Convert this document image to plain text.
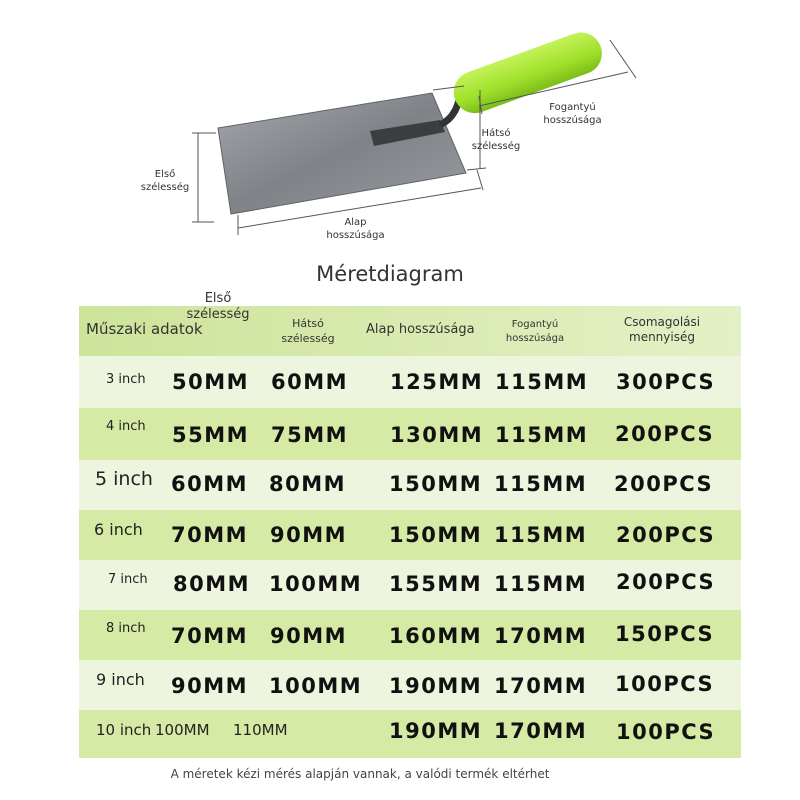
Első
szélesség
Hátsó
szélesség
Fogantyú
hosszúsága
Alap
hosszúsága
Méretdiagram
Műszaki adatok
Első
szélesség
Hátsó
szélesség
Alap hosszúsága	Fogantyú
hosszúsága
Csomagolási
mennyiség
3 inch 50MM 60MM 125MM 115MM 300PCS
4 inch 55MM 75MM 130MM 115MM 200PCS
5 inch 60MM 80MM 150MM 115MM 200PCS
6 inch 70MM 90MM 150MM 115MM 200PCS
7 inch 80MM 100MM 155MM 115MM 200PCS
8 inch 70MM 90MM 160MM 170MM 150PCS
9 inch 90MM 100MM 190MM 170MM 100PCS
10 inch 100MM 110MM	190MM 170MM 100PCS
A méretek kézi mérés alapján vannak, a valódi termék eltérhet
